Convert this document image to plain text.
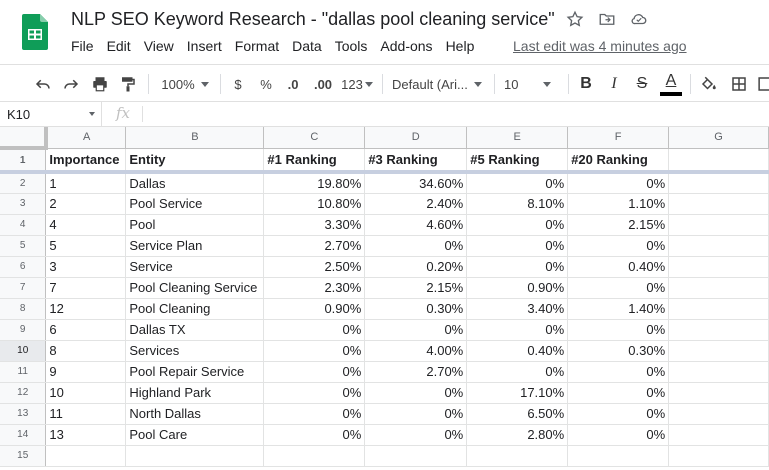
NLP SEO Keyword Research - "dallas pool cleaning service"
File Edit View Insert Format Data Tools Add-ons Help	Last edit was 4 minutes ago
100%	$	%	.0 .00 123 Default (Ari...	10	B	I	S	A
K10	fx
	A	B	C	D	E	F	G
1	Importance	Entity	#1 Ranking	#3 Ranking	#5 Ranking	#20 Ranking	
2	1	Dallas	19.80%	34.60%	0%	0%	
3	2	Pool Service	10.80%	2.40%	8.10%	1.10%	
4	4	Pool	3.30%	4.60%	0%	2.15%	
5	5	Service Plan	2.70%	0%	0%	0%	
6	3	Service	2.50%	0.20%	0%	0.40%	
7	7	Pool Cleaning Service	2.30%	2.15%	0.90%	0%	
8	12	Pool Cleaning	0.90%	0.30%	3.40%	1.40%	
9	6	Dallas TX	0%	0%	0%	0%	
10	8	Services	0%	4.00%	0.40%	0.30%	
11	9	Pool Repair Service	0%	2.70%	0%	0%	
12	10	Highland Park	0%	0%	17.10%	0%	
13	11	North Dallas	0%	0%	6.50%	0%	
14	13	Pool Care	0%	0%	2.80%	0%	
15							
